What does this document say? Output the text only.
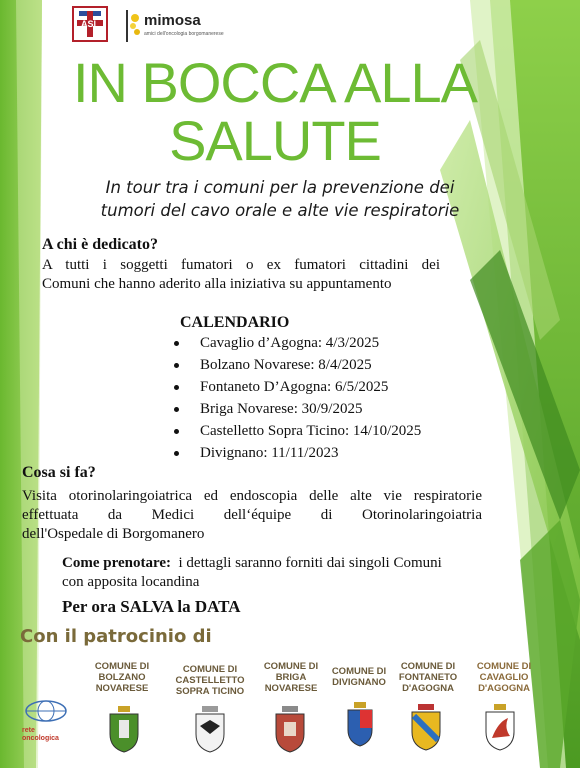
ASL	mimosa
amici dell'oncologia borgomanerese
IN BOCCA ALLA
SALUTE
In tour tra i comuni per la prevenzione dei
tumori del cavo orale e alte vie respiratorie
A chi è dedicato?
A tutti i soggetti fumatori o ex fumatori cittadini dei
Comuni che hanno aderito alla iniziativa su appuntamento
CALENDARIO
Cavaglio d’Agogna: 4/3/2025
Bolzano Novarese: 8/4/2025
Fontaneto D’Agogna: 6/5/2025
Briga Novarese: 30/9/2025
Castelletto Sopra Ticino: 14/10/2025
Divignano: 11/11/2023
Cosa si fa?
Visita otorinolaringoiatrica ed endoscopia delle alte vie respiratorie
effettuata da Medici dell‘équipe di Otorinolaringoiatria
dell'Ospedale di Borgomanero
Come prenotare: i dettagli saranno forniti dai singoli Comuni
con apposita locandina
Per ora SALVA la DATA
Con il patrocinio di
rete
oncologica
COMUNE DI
BOLZANO
NOVARESE
COMUNE DI
CASTELLETTO
SOPRA TICINO
COMUNE DI
BRIGA
NOVARESE
COMUNE DI
DIVIGNANO
COMUNE DI
FONTANETO
D'AGOGNA
COMUNE DI
CAVAGLIO
D'AGOGNA
